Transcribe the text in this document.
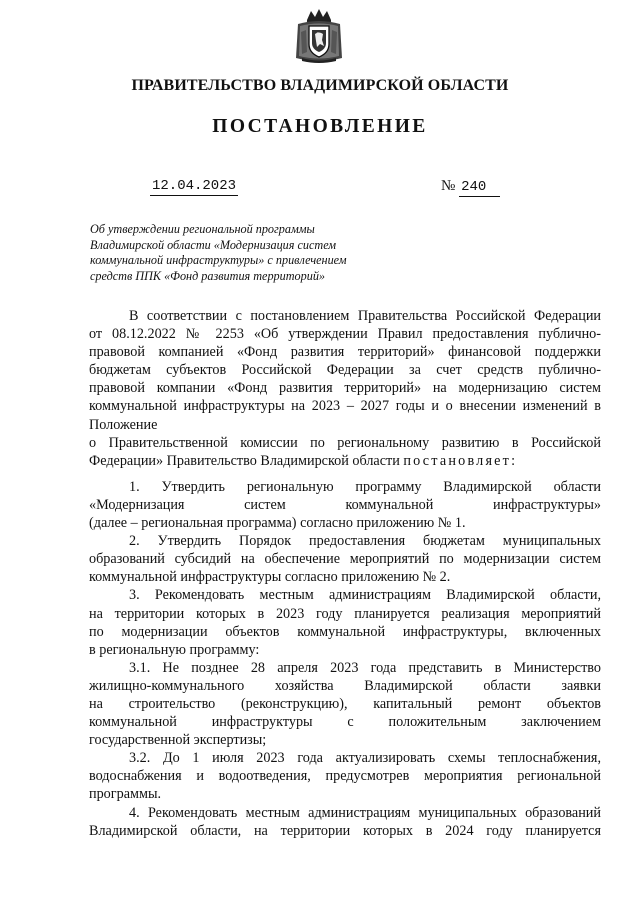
ПРАВИТЕЛЬСТВО ВЛАДИМИРСКОЙ ОБЛАСТИ
ПОСТАНОВЛЕНИЕ
12.04.2023	№ 240
Об утверждении региональной программы
Владимирской области «Модернизация систем
коммунальной инфраструктуры» с привлечением
средств ППК «Фонд развития территорий»
В соответствии с постановлением Правительства Российской Федерации
от 08.12.2022 № 2253 «Об утверждении Правил предоставления публично-
правовой компанией «Фонд развития территорий» финансовой поддержки
бюджетам субъектов Российской Федерации за счет средств публично-
правовой компании «Фонд развития территорий» на модернизацию систем
коммунальной инфраструктуры на 2023 – 2027 годы и о внесении изменений в
Положение
о Правительственной комиссии по региональному развитию в Российской
Федерации» Правительство Владимирской области постановляет:
1. Утвердить региональную программу Владимирской области
«Модернизация систем коммунальной инфраструктуры»
(далее – региональная программа) согласно приложению № 1.
2. Утвердить Порядок предоставления бюджетам муниципальных
образований субсидий на обеспечение мероприятий по модернизации систем
коммунальной инфраструктуры согласно приложению № 2.
3. Рекомендовать местным администрациям Владимирской области,
на территории которых в 2023 году планируется реализация мероприятий
по модернизации объектов коммунальной инфраструктуры, включенных
в региональную программу:
3.1. Не позднее 28 апреля 2023 года представить в Министерство
жилищно-коммунального хозяйства Владимирской области заявки
на строительство (реконструкцию), капитальный ремонт объектов
коммунальной инфраструктуры с положительным заключением
государственной экспертизы;
3.2. До 1 июля 2023 года актуализировать схемы теплоснабжения,
водоснабжения и водоотведения, предусмотрев мероприятия региональной
программы.
4. Рекомендовать местным администрациям муниципальных образований
Владимирской области, на территории которых в 2024 году планируется
